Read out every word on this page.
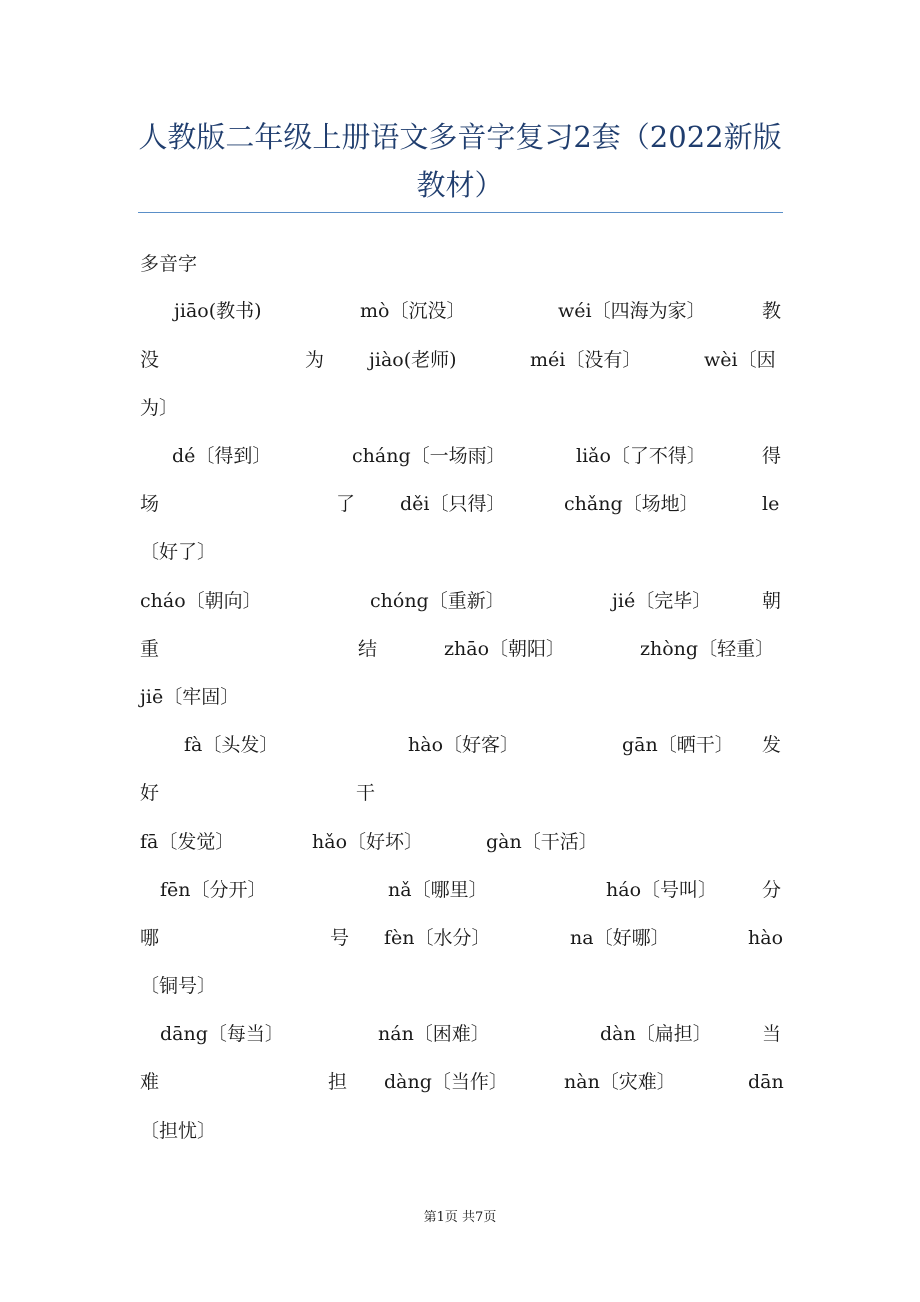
人教版二年级上册语文多音字复习2套（2022新版
教材）
多音字
jiāo(教书)	mò〔沉没〕	wéi〔四海为家〕	教
没	为 jiào(老师)	méi〔没有〕	wèi〔因
为〕
dé〔得到〕	cháng〔一场雨〕	liǎo〔了不得〕	得
场	了 děi〔只得〕	chǎng〔场地〕	le
〔好了〕
cháo〔朝向〕	chóng〔重新〕	jié〔完毕〕	朝
重	结	zhāo〔朝阳〕	zhòng〔轻重〕
jiē〔牢固〕
fà〔头发〕	hào〔好客〕	gān〔晒干〕 发
好	干
fā〔发觉〕	hǎo〔好坏〕	gàn〔干活〕
fēn〔分开〕	nǎ〔哪里〕	háo〔号叫〕 分
哪	号 fèn〔水分〕	na〔好哪〕	hào
〔铜号〕
dāng〔每当〕	nán〔困难〕	dàn〔扁担〕	当
难	担 dàng〔当作〕	nàn〔灾难〕	dān
〔担忧〕
第1页 共7页
